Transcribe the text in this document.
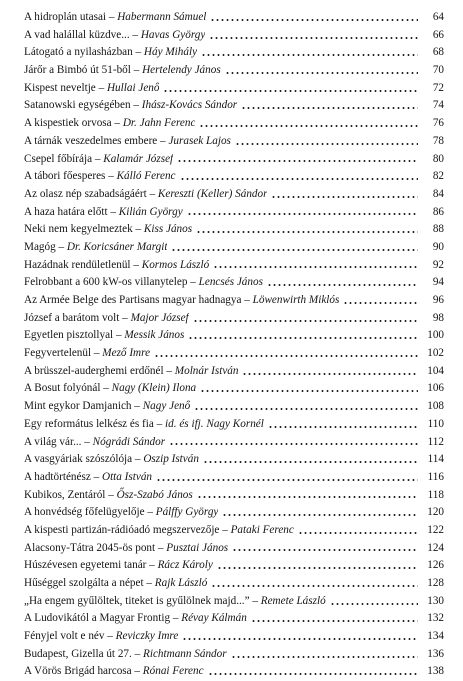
A hidroplán utasai – Habermann Sámuel	64
A vad halállal küzdve... – Havas György	66
Látogató a nyilasházban – Háy Mihály	68
Járőr a Bimbó út 51-ből – Hertelendy János	70
Kispest neveltje – Hullai Jenő	72
Satanowski egységében – Ihász-Kovács Sándor	74
A kispestiek orvosa – Dr. Jahn Ferenc	76
A tárnák veszedelmes embere – Jurasek Lajos	78
Csepel főbírája – Kalamár József	80
A tábori főesperes – Kálló Ferenc	82
Az olasz nép szabadságáért – Kereszti (Keller) Sándor	84
A haza határa előtt – Kilián György	86
Neki nem kegyelmeztek – Kiss János	88
Magóg – Dr. Koricsáner Margit	90
Hazádnak rendületlenül – Kormos László	92
Felrobbant a 600 kW-os villanytelep – Lencsés János	94
Az Armée Belge des Partisans magyar hadnagya – Löwenwirth Miklós	96
József a barátom volt – Major József	98
Egyetlen pisztollyal – Messik János	100
Fegyvertelenül – Mező Imre	102
A brüsszel-auderghemi erdőnél – Molnár István	104
A Bosut folyónál – Nagy (Klein) Ilona	106
Mint egykor Damjanich – Nagy Jenő	108
Egy református lelkész és fia – id. és ifj. Nagy Kornél	110
A világ vár... – Nógrádi Sándor	112
A vasgyáriak szószólója – Oszip István	114
A hadtörténész – Otta István	116
Kubikos, Zentáról – Ősz-Szabó János	118
A honvédség főfelügyelője – Pálffy György	120
A kispesti partizán-rádióadó megszervezője – Pataki Ferenc	122
Alacsony-Tátra 2045-ös pont – Pusztai János	124
Húszévesen egyetemi tanár – Rácz Károly	126
Hűséggel szolgálta a népet – Rajk László	128
„Ha engem gyűlöltek, titeket is gyűlölnek majd...” – Remete László	130
A Ludovikától a Magyar Frontig – Révay Kálmán	132
Fényjel volt e név – Reviczky Imre	134
Budapest, Gizella út 27. – Richtmann Sándor	136
A Vörös Brigád harcosa – Rónai Ferenc	138
